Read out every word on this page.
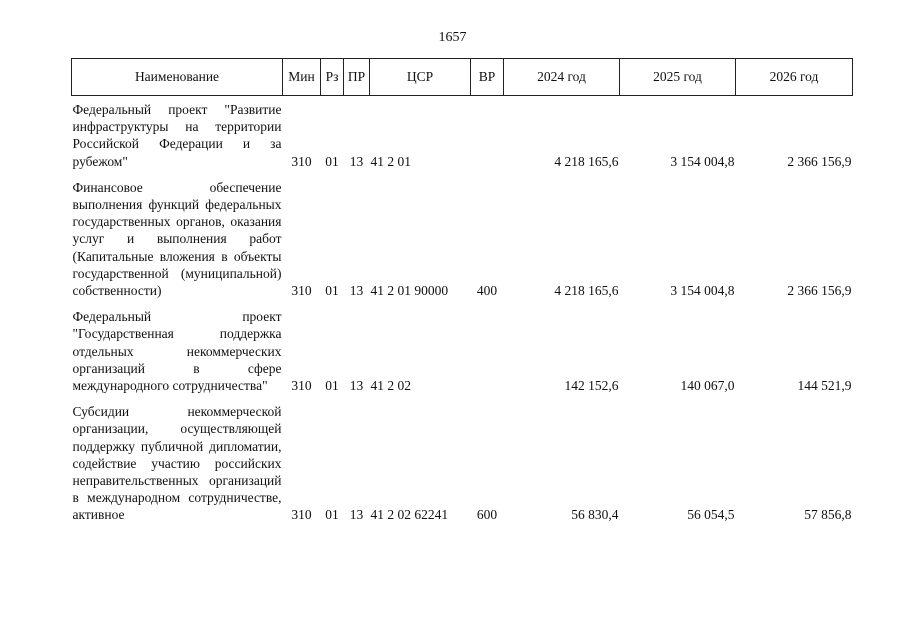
1657
Наименование	Мин	Рз	ПР	ЦСР	ВР	2024 год	2025 год	2026 год
Федеральный проект "Развитие инфраструктуры на территории Российской Федерации и за рубежом"	310	01	13	41 2 01		4 218 165,6	3 154 004,8	2 366 156,9
Финансовое обеспечение выполнения функций федеральных государственных органов, оказания услуг и выполнения работ (Капитальные вложения в объекты государственной (муниципальной) собственности)	310	01	13	41 2 01 90000	400	4 218 165,6	3 154 004,8	2 366 156,9
Федеральный проект "Государственная поддержка отдельных некоммерческих организаций в сфере международного сотрудничества"	310	01	13	41 2 02		142 152,6	140 067,0	144 521,9
Субсидии некоммерческой организации, осуществляющей поддержку публичной дипломатии, содействие участию российских неправительственных организаций в международном сотрудничестве, активное	310	01	13	41 2 02 62241	600	56 830,4	56 054,5	57 856,8
